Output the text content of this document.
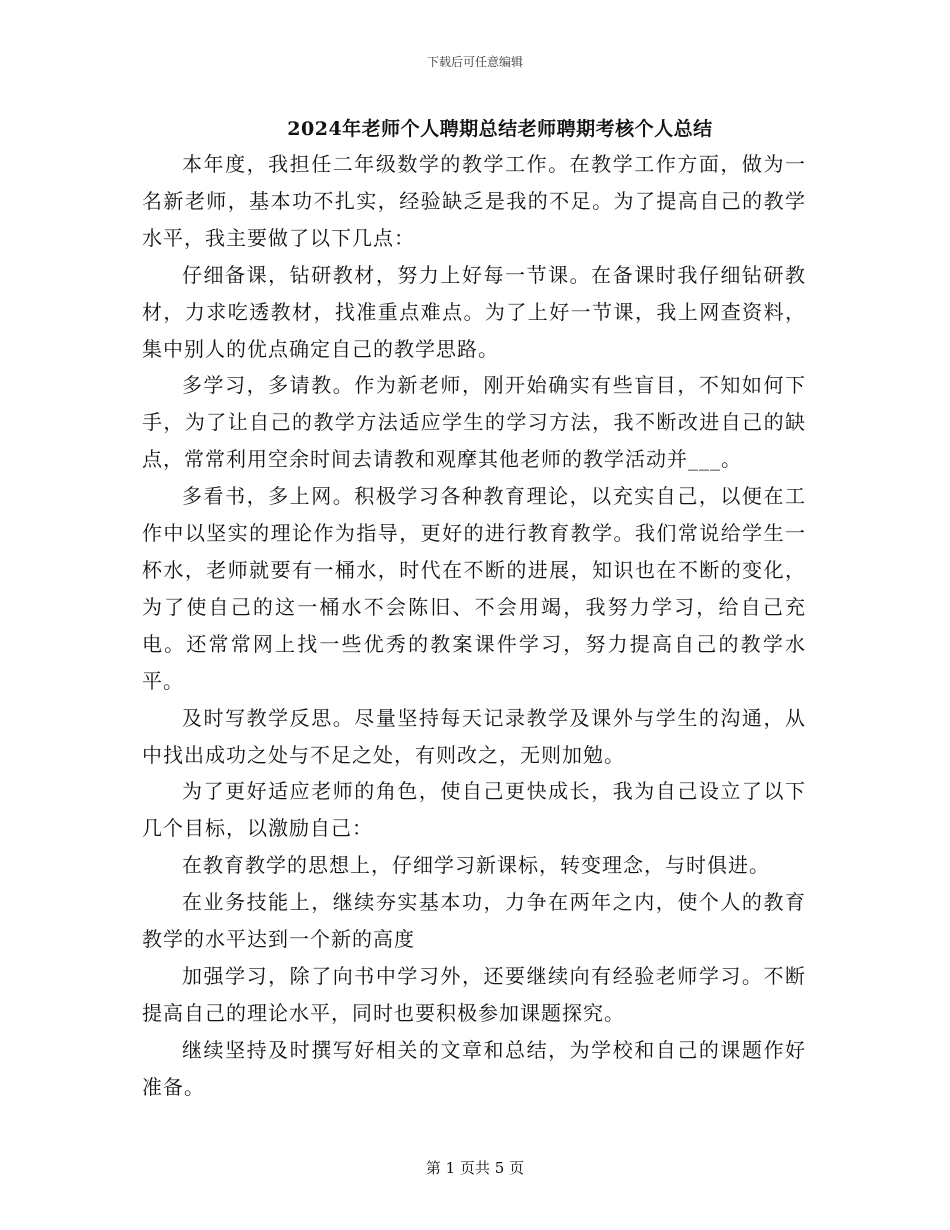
下载后可任意编辑
2024年老师个人聘期总结老师聘期考核个人总结

本年度，我担任二年级数学的教学工作。在教学工作方面，做为一名新老师，基本功不扎实，经验缺乏是我的不足。为了提高自己的教学水平，我主要做了以下几点：

仔细备课，钻研教材，努力上好每一节课。在备课时我仔细钻研教材，力求吃透教材，找准重点难点。为了上好一节课，我上网查资料，集中别人的优点确定自己的教学思路。

多学习，多请教。作为新老师，刚开始确实有些盲目，不知如何下手，为了让自己的教学方法适应学生的学习方法，我不断改进自己的缺点，常常利用空余时间去请教和观摩其他老师的教学活动并___。

多看书，多上网。积极学习各种教育理论，以充实自己，以便在工作中以坚实的理论作为指导，更好的进行教育教学。我们常说给学生一杯水，老师就要有一桶水，时代在不断的进展，知识也在不断的变化，为了使自己的这一桶水不会陈旧、不会用竭，我努力学习，给自己充电。还常常网上找一些优秀的教案课件学习，努力提高自己的教学水平。

及时写教学反思。尽量坚持每天记录教学及课外与学生的沟通，从中找出成功之处与不足之处，有则改之，无则加勉。

为了更好适应老师的角色，使自己更快成长，我为自己设立了以下几个目标，以激励自己：

在教育教学的思想上，仔细学习新课标，转变理念，与时俱进。

在业务技能上，继续夯实基本功，力争在两年之内，使个人的教育教学的水平达到一个新的高度

加强学习，除了向书中学习外，还要继续向有经验老师学习。不断提高自己的理论水平，同时也要积极参加课题探究。

继续坚持及时撰写好相关的文章和总结，为学校和自己的课题作好准备。

第 1 页共 5 页
